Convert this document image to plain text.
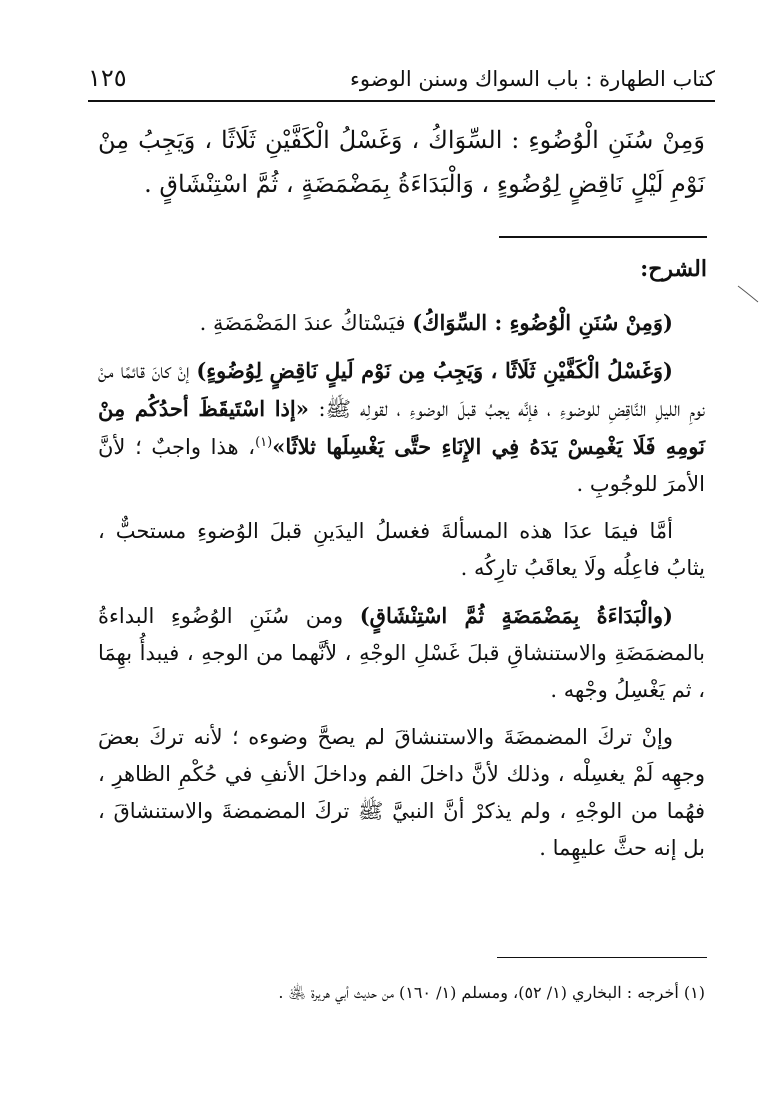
كتاب الطهارة : باب السواك وسنن الوضوء
١٢٥
وَمِنْ سُنَنِ الْوُضُوءِ : السِّوَاكُ ، وَغَسْلُ الْكَفَّيْنِ ثَلَاثًا ، وَيَجِبُ مِنْ نَوْمِ لَيْلٍ نَاقِضٍ لِوُضُوءٍ ، وَالْبَدَاءَةُ بِمَضْمَضَةٍ ، ثُمَّ اسْتِنْشَاقٍ .
الشرح:

(وَمِنْ سُنَنِ الْوُضُوءِ : السِّوَاكُ) فيَسْتاكُ عندَ المَضْمَضَةِ .

(وَغَسْلُ الْكَفَّيْنِ ثَلَاثًا ، وَيَجِبُ مِن نَوْم لَيلٍ نَاقِضٍ لِوُضُوءٍ) إنْ كانَ قائمًا منْ نومِ الليلِ النَّاقِضِ للوضوءِ ، فإنَّه يجبُ قبلَ الوضوءِ ، لقولِه ﷺ: «إذا اسْتَيقَظَ أحدُكُم مِنْ نَومِهِ فَلَا يَغْمِسْ يَدَهُ فِي الإِنَاءِ حتَّى يَغْسِلَها ثلاثًا»$^{(١)}$، هذا واجبٌ ؛ لأنَّ الأمرَ للوجُوبِ .

أمَّا فيمَا عدَا هذه المسألةَ فغسلُ اليدَينِ قبلَ الوُضوءِ مستحبٌّ ، يثابُ فاعِلُه ولَا يعاقَبُ تارِكُه .

(والْبَدَاءَةُ بِمَضْمَضَةٍ ثُمَّ اسْتِنْشَاقٍ) ومن سُنَنِ الوُضُوءِ البداءةُ بالمضمَضَةِ والاستنشاقِ قبلَ غَسْلِ الوجْهِ ، لأنَّهما من الوجهِ ، فيبدأُ بهِمَا ، ثم يَغْسِلُ وجْهه .

وإنْ تركَ المضمضَةَ والاستنشاقَ لم يصحَّ وضوءه ؛ لأنه تركَ بعضَ وجهِه لَمْ يغسِلْه ، وذلك لأنَّ داخلَ الفم وداخلَ الأنفِ في حُكْمِ الظاهرِ ، فهُما من الوجْهِ ، ولم يذكرْ أنَّ النبيَّ ﷺ تركَ المضمضةَ والاستنشاقَ ، بل إنه حثَّ عليهِما .

(١) أخرجه : البخاري (١/ ٥٢)، ومسلم (١/ ١٦٠) من حديث أبي هريرة ﵁ .
